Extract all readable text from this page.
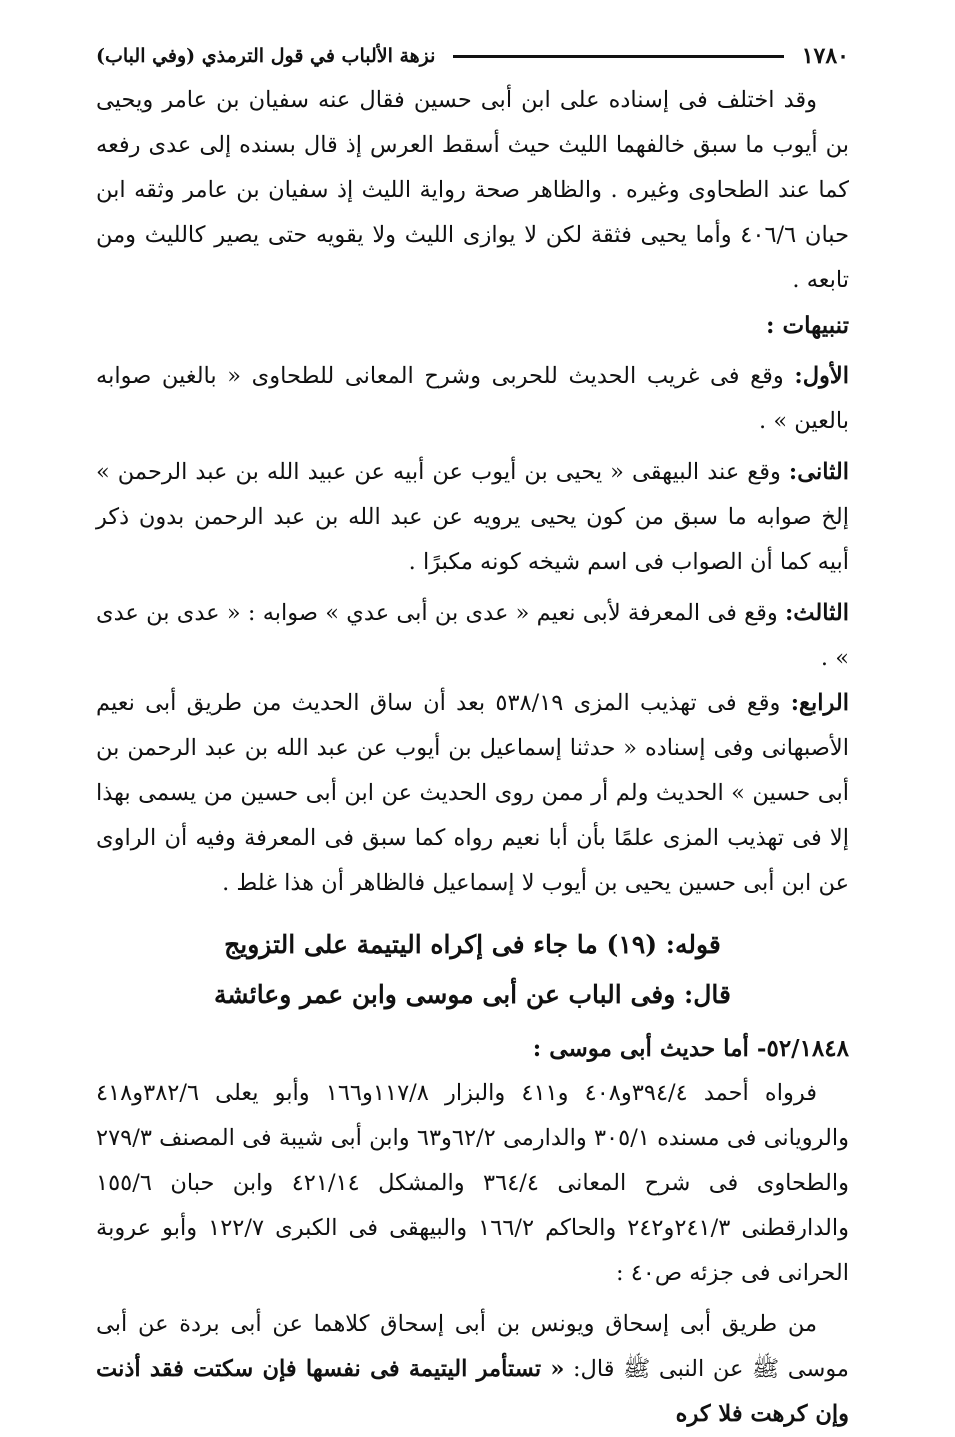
١٧٨٠
نزهة الألباب في قول الترمذي (وفي الباب)

وقد اختلف فى إسناده على ابن أبى حسين فقال عنه سفيان بن عامر ويحيى بن أيوب ما سبق خالفهما الليث حيث أسقط العرس إذ قال بسنده إلى عدى رفعه كما عند الطحاوى وغيره . والظاهر صحة رواية الليث إذ سفيان بن عامر وثقه ابن حبان ٤٠٦/٦ وأما يحيى فثقة لكن لا يوازى الليث ولا يقويه حتى يصير كالليث ومن تابعه .

تنبيهات :

الأول: وقع فى غريب الحديث للحربى وشرح المعانى للطحاوى « بالغين صوابه بالعين » .

الثانى: وقع عند البيهقى « يحيى بن أيوب عن أبيه عن عبيد الله بن عبد الرحمن » إلخ صوابه ما سبق من كون يحيى يرويه عن عبد الله بن عبد الرحمن بدون ذكر أبيه كما أن الصواب فى اسم شيخه كونه مكبرًا .

الثالث: وقع فى المعرفة لأبى نعيم « عدى بن أبى عدي » صوابه : « عدى بن عدى » .

الرابع: وقع فى تهذيب المزى ٥٣٨/١٩ بعد أن ساق الحديث من طريق أبى نعيم الأصبهانى وفى إسناده « حدثنا إسماعيل بن أيوب عن عبد الله بن عبد الرحمن بن أبى حسين » الحديث ولم أر ممن روى الحديث عن ابن أبى حسين من يسمى بهذا إلا فى تهذيب المزى علمًا بأن أبا نعيم رواه كما سبق فى المعرفة وفيه أن الراوى عن ابن أبى حسين يحيى بن أيوب لا إسماعيل فالظاهر أن هذا غلط .

قوله: (١٩) ما جاء فى إكراه اليتيمة على التزويج

قال: وفى الباب عن أبى موسى وابن عمر وعائشة

٥٢/١٨٤٨- أما حديث أبى موسى :

فرواه أحمد ٣٩٤/٤و٤٠٨ و٤١١ والبزار ١١٧/٨و١٦٦ وأبو يعلى ٣٨٢/٦و٤١٨ والرويانى فى مسنده ٣٠٥/١ والدارمى ٦٢/٢و٦٣ وابن أبى شيبة فى المصنف ٢٧٩/٣ والطحاوى فى شرح المعانى ٣٦٤/٤ والمشكل ٤٢١/١٤ وابن حبان ١٥٥/٦ والدارقطنى ٢٤١/٣و٢٤٢ والحاكم ١٦٦/٢ والبيهقى فى الكبرى ١٢٢/٧ وأبو عروبة الحرانى فى جزئه ص٤٠ :

من طريق أبى إسحاق ويونس بن أبى إسحاق كلاهما عن أبى بردة عن أبى موسى ﷺ عن النبى ﷺ قال: « تستأمر اليتيمة فى نفسها فإن سكتت فقد أذنت وإن كرهت فلا كره
